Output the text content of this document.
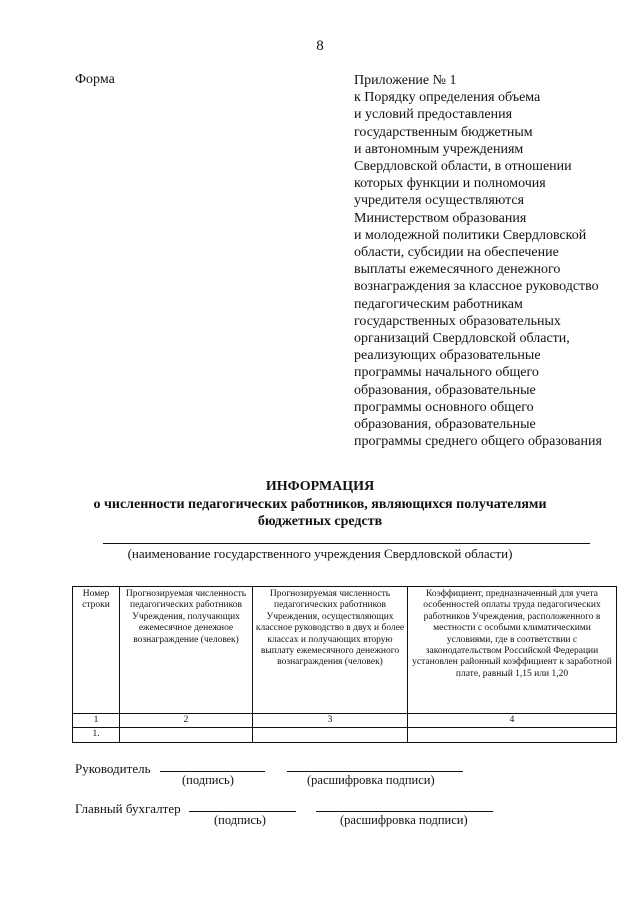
8
Форма	Приложение № 1
к Порядку определения объема
и условий предоставления
государственным бюджетным
и автономным учреждениям
Свердловской области, в отношении
которых функции и полномочия
учредителя осуществляются
Министерством образования
и молодежной политики Свердловской
области, субсидии на обеспечение
выплаты ежемесячного денежного
вознаграждения за классное руководство
педагогическим работникам
государственных образовательных
организаций Свердловской области,
реализующих образовательные
программы начального общего
образования, образовательные
программы основного общего
образования, образовательные
программы среднего общего образования
ИНФОРМАЦИЯ
о численности педагогических работников, являющихся получателями
бюджетных средств
(наименование государственного учреждения Свердловской области)
Номер строки	Прогнозируемая численность педагогических работников Учреждения, получающих ежемесячное денежное вознаграждение (человек)	Прогнозируемая численность педагогических работников Учреждения, осуществляющих классное руководство в двух и более классах и получающих вторую выплату ежемесячного денежного вознаграждения (человек)	Коэффициент, предназначенный для учета особенностей оплаты труда педагогических работников Учреждения, расположенного в местности с особыми климатическими условиями, где в соответствии с законодательством Российской Федерации установлен районный коэффициент к заработной плате, равный 1,15 или 1,20
1	2	3	4
1.			
Руководитель
(подпись)	(расшифровка подписи)
Главный бухгалтер
(подпись)	(расшифровка подписи)
